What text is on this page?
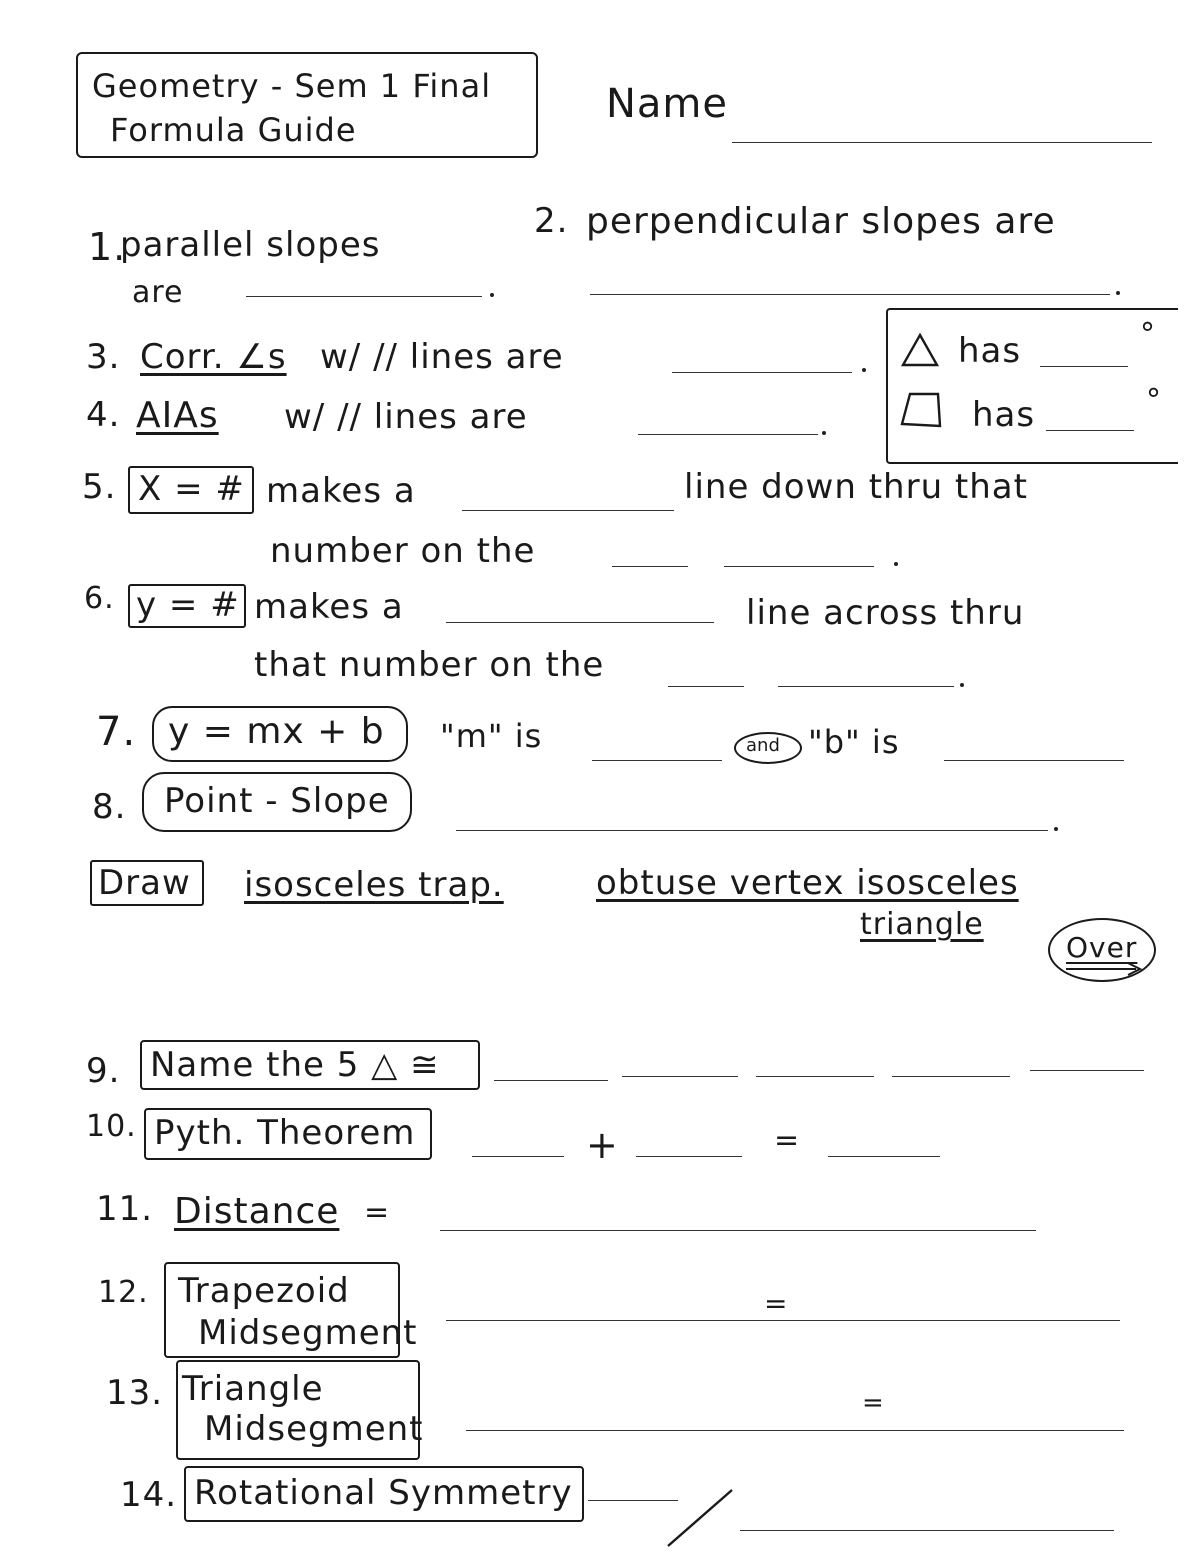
Geometry - Sem 1 Final
Formula Guide
Name
1.
parallel slopes
are
2. perpendicular slopes are
has	°
has	°
3. Corr. ∠s w/ // lines are
4. AIAs w/ // lines are
5. X = # makes a	line down thru that
number on the
6. y = # makes a	line across thru
that number on the
7. y = mx + b "m" is	and "b" is
8. Point - Slope
Draw isosceles trap.	obtuse vertex isosceles
triangle
Over
9. Name the 5 △ ≅
10. Pyth. Theorem	+	=
11. Distance =
12. Trapezoid
Midsegment
=
13. Triangle
Midsegment
=
14. Rotational Symmetry
